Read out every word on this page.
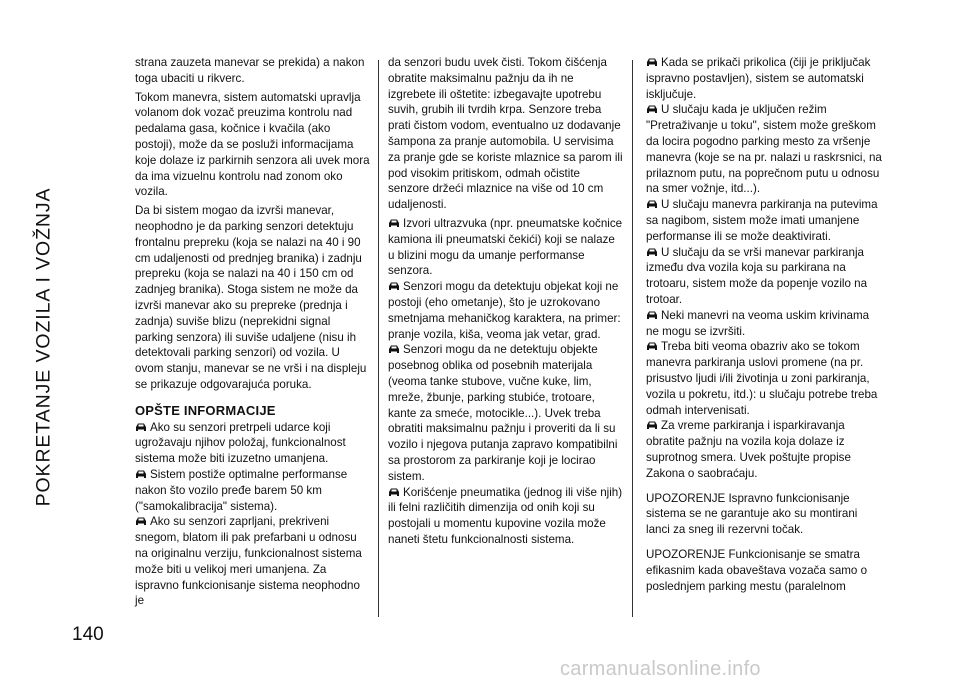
POKRETANJE VOZILA I VOŽNJA
140

strana zauzeta manevar se prekida) a nakon toga ubaciti u rikverc.

Tokom manevra, sistem automatski upravlja volanom dok vozač preuzima kontrolu nad pedalama gasa, kočnice i kvačila (ako postoji), može da se posluži informacijama koje dolaze iz parkirnih senzora ali uvek mora da ima vizuelnu kontrolu nad zonom oko vozila.

Da bi sistem mogao da izvrši manevar, neophodno je da parking senzori detektuju frontalnu prepreku (koja se nalazi na 40 i 90 cm udaljenosti od prednjeg branika) i zadnju prepreku (koja se nalazi na 40 i 150 cm od zadnjeg branika). Stoga sistem ne može da izvrši manevar ako su prepreke (prednja i zadnja) suviše blizu (neprekidni signal parking senzora) ili suviše udaljene (nisu ih detektovali parking senzori) od vozila. U ovom stanju, manevar se ne vrši i na displeju se prikazuje odgovarajuća poruka.

OPŠTE INFORMACIJE

Ako su senzori pretrpeli udarce koji ugrožavaju njihov položaj, funkcionalnost sistema može biti izuzetno umanjena.

Sistem postiže optimalne performanse nakon što vozilo pređe barem 50 km ("samokalibracija" sistema).

Ako su senzori zaprljani, prekriveni snegom, blatom ili pak prefarbani u odnosu na originalnu verziju, funkcionalnost sistema može biti u velikoj meri umanjena. Za ispravno funkcionisanje sistema neophodno je

da senzori budu uvek čisti. Tokom čišćenja obratite maksimalnu pažnju da ih ne izgrebete ili oštetite: izbegavajte upotrebu suvih, grubih ili tvrdih krpa. Senzore treba prati čistom vodom, eventualno uz dodavanje šampona za pranje automobila. U servisima za pranje gde se koriste mlaznice sa parom ili pod visokim pritiskom, odmah očistite senzore držeći mlaznice na više od 10 cm udaljenosti.

Izvori ultrazvuka (npr. pneumatske kočnice kamiona ili pneumatski čekići) koji se nalaze u blizini mogu da umanje performanse senzora.

Senzori mogu da detektuju objekat koji ne postoji (eho ometanje), što je uzrokovano smetnjama mehaničkog karaktera, na primer: pranje vozila, kiša, veoma jak vetar, grad.

Senzori mogu da ne detektuju objekte posebnog oblika od posebnih materijala (veoma tanke stubove, vučne kuke, lim, mreže, žbunje, parking stubiće, trotoare, kante za smeće, motocikle...). Uvek treba obratiti maksimalnu pažnju i proveriti da li su vozilo i njegova putanja zapravo kompatibilni sa prostorom za parkiranje koji je locirao sistem.

Korišćenje pneumatika (jednog ili više njih) ili felni različitih dimenzija od onih koji su postojali u momentu kupovine vozila može naneti štetu funkcionalnosti sistema.

Kada se prikači prikolica (čiji je priključak ispravno postavljen), sistem se automatski isključuje.

U slučaju kada je uključen režim "Pretraživanje u toku", sistem može greškom da locira pogodno parking mesto za vršenje manevra (koje se na pr. nalazi u raskrsnici, na prilaznom putu, na poprečnom putu u odnosu na smer vožnje, itd...).

U slučaju manevra parkiranja na putevima sa nagibom, sistem može imati umanjene performanse ili se može deaktivirati.

U slučaju da se vrši manevar parkiranja između dva vozila koja su parkirana na trotoaru, sistem može da popenje vozilo na trotoar.

Neki manevri na veoma uskim krivinama ne mogu se izvršiti.

Treba biti veoma obazriv ako se tokom manevra parkiranja uslovi promene (na pr. prisustvo ljudi i/ili životinja u zoni parkiranja, vozila u pokretu, itd.): u slučaju potrebe treba odmah intervenisati.

Za vreme parkiranja i isparkiravanja obratite pažnju na vozila koja dolaze iz suprotnog smera. Uvek poštujte propise Zakona o saobraćaju.

UPOZORENJE Ispravno funkcionisanje sistema se ne garantuje ako su montirani lanci za sneg ili rezervni točak.

UPOZORENJE Funkcionisanje se smatra efikasnim kada obaveštava vozača samo o poslednjem parking mestu (paralelnom

carmanualsonline.info
